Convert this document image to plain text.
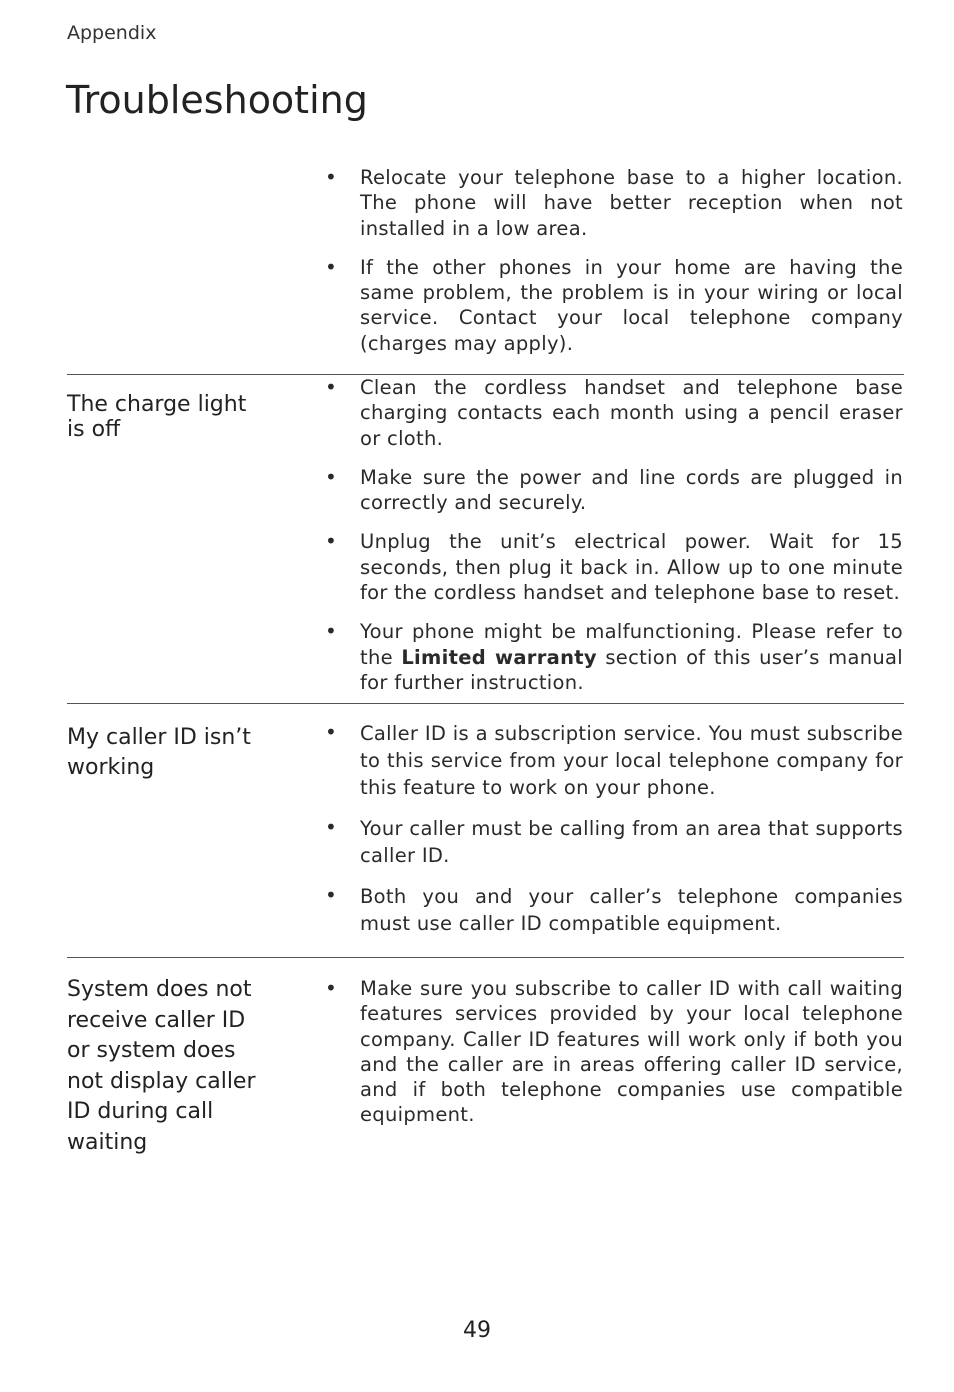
Appendix
Troubleshooting
• Relocate your telephone base to a higher location. The phone will have better reception when not installed in a low area.
• If the other phones in your home are having the same problem, the problem is in your wiring or local service. Contact your local telephone company (charges may apply).
The charge light is off
• Clean the cordless handset and telephone base charging contacts each month using a pencil eraser or cloth.
• Make sure the power and line cords are plugged in correctly and securely.
• Unplug the unit’s electrical power. Wait for 15 seconds, then plug it back in. Allow up to one minute for the cordless handset and telephone base to reset.
• Your phone might be malfunctioning. Please refer to the Limited warranty section of this user’s manual for further instruction.
My caller ID isn’t working
• Caller ID is a subscription service. You must subscribe to this service from your local telephone company for this feature to work on your phone.
• Your caller must be calling from an area that supports caller ID.
• Both you and your caller’s telephone companies must use caller ID compatible equipment.
System does not receive caller ID or system does not display caller ID during call waiting
• Make sure you subscribe to caller ID with call waiting features services provided by your local telephone company. Caller ID features will work only if both you and the caller are in areas offering caller ID service, and if both telephone companies use compatible equipment.
49
